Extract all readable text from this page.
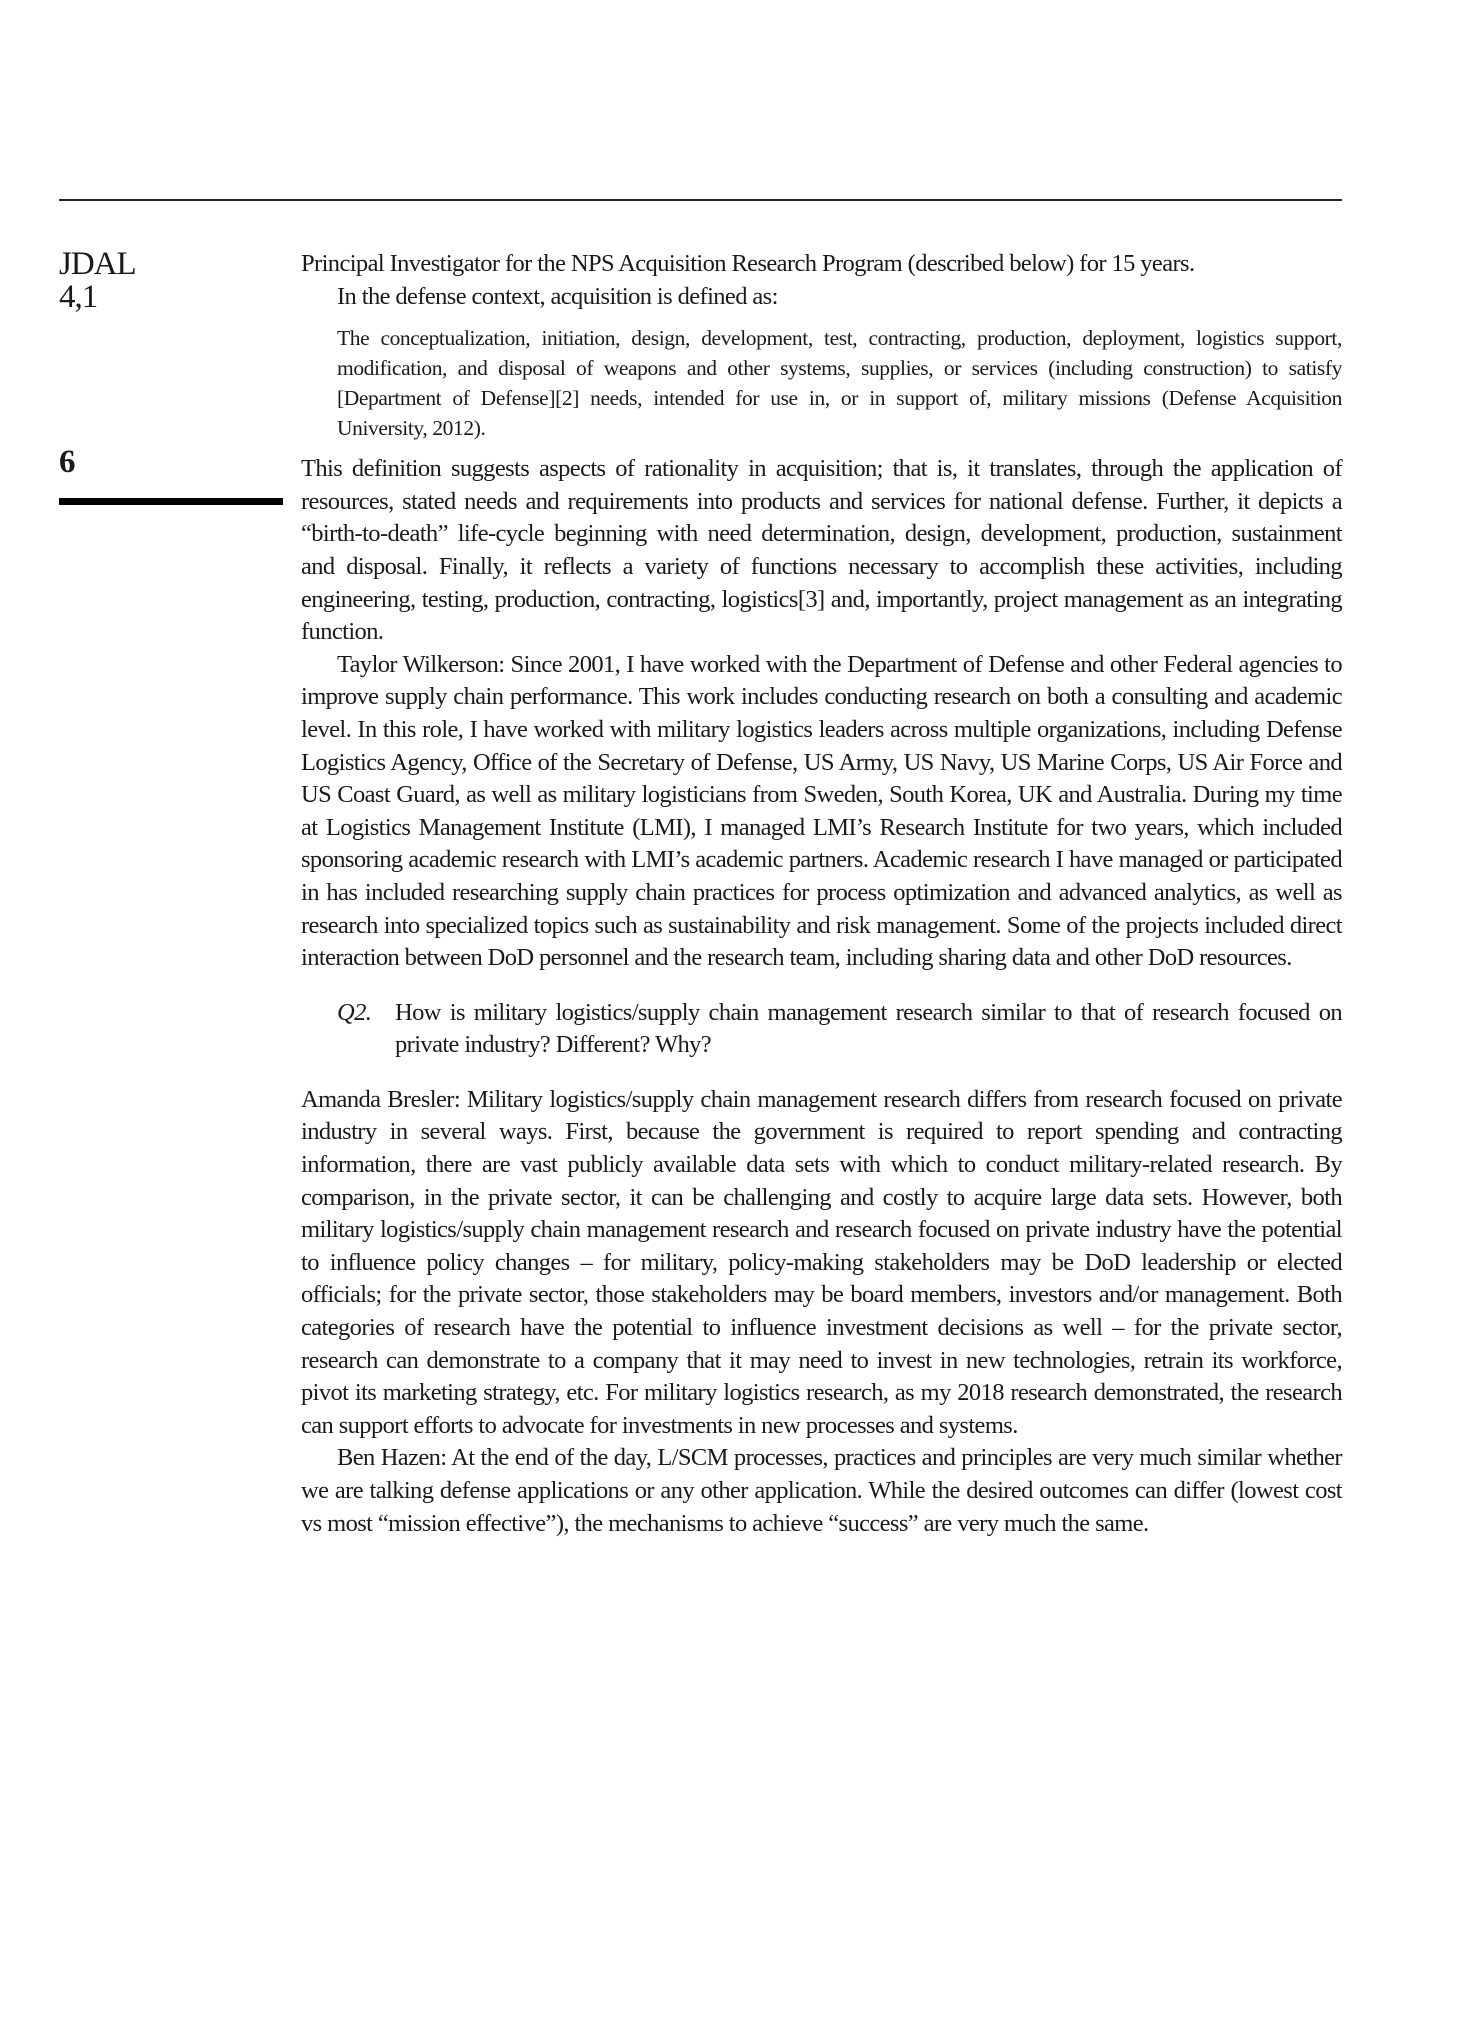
JDAL
4,1
6

Principal Investigator for the NPS Acquisition Research Program (described below) for 15 years.

In the defense context, acquisition is defined as:

The conceptualization, initiation, design, development, test, contracting, production, deployment, logistics support, modification, and disposal of weapons and other systems, supplies, or services (including construction) to satisfy [Department of Defense][2] needs, intended for use in, or in support of, military missions (Defense Acquisition University, 2012).

This definition suggests aspects of rationality in acquisition; that is, it translates, through the application of resources, stated needs and requirements into products and services for national defense. Further, it depicts a “birth-to-death” life-cycle beginning with need determination, design, development, production, sustainment and disposal. Finally, it reflects a variety of functions necessary to accomplish these activities, including engineering, testing, production, contracting, logistics[3] and, importantly, project management as an integrating function.

Taylor Wilkerson: Since 2001, I have worked with the Department of Defense and other Federal agencies to improve supply chain performance. This work includes conducting research on both a consulting and academic level. In this role, I have worked with military logistics leaders across multiple organizations, including Defense Logistics Agency, Office of the Secretary of Defense, US Army, US Navy, US Marine Corps, US Air Force and US Coast Guard, as well as military logisticians from Sweden, South Korea, UK and Australia. During my time at Logistics Management Institute (LMI), I managed LMI’s Research Institute for two years, which included sponsoring academic research with LMI’s academic partners. Academic research I have managed or participated in has included researching supply chain practices for process optimization and advanced analytics, as well as research into specialized topics such as sustainability and risk management. Some of the projects included direct interaction between DoD personnel and the research team, including sharing data and other DoD resources.

Q2. How is military logistics/supply chain management research similar to that of research focused on private industry? Different? Why?

Amanda Bresler: Military logistics/supply chain management research differs from research focused on private industry in several ways. First, because the government is required to report spending and contracting information, there are vast publicly available data sets with which to conduct military-related research. By comparison, in the private sector, it can be challenging and costly to acquire large data sets. However, both military logistics/supply chain management research and research focused on private industry have the potential to influence policy changes – for military, policy-making stakeholders may be DoD leadership or elected officials; for the private sector, those stakeholders may be board members, investors and/or management. Both categories of research have the potential to influence investment decisions as well – for the private sector, research can demonstrate to a company that it may need to invest in new technologies, retrain its workforce, pivot its marketing strategy, etc. For military logistics research, as my 2018 research demonstrated, the research can support efforts to advocate for investments in new processes and systems.

Ben Hazen: At the end of the day, L/SCM processes, practices and principles are very much similar whether we are talking defense applications or any other application. While the desired outcomes can differ (lowest cost vs most “mission effective”), the mechanisms to achieve “success” are very much the same.
